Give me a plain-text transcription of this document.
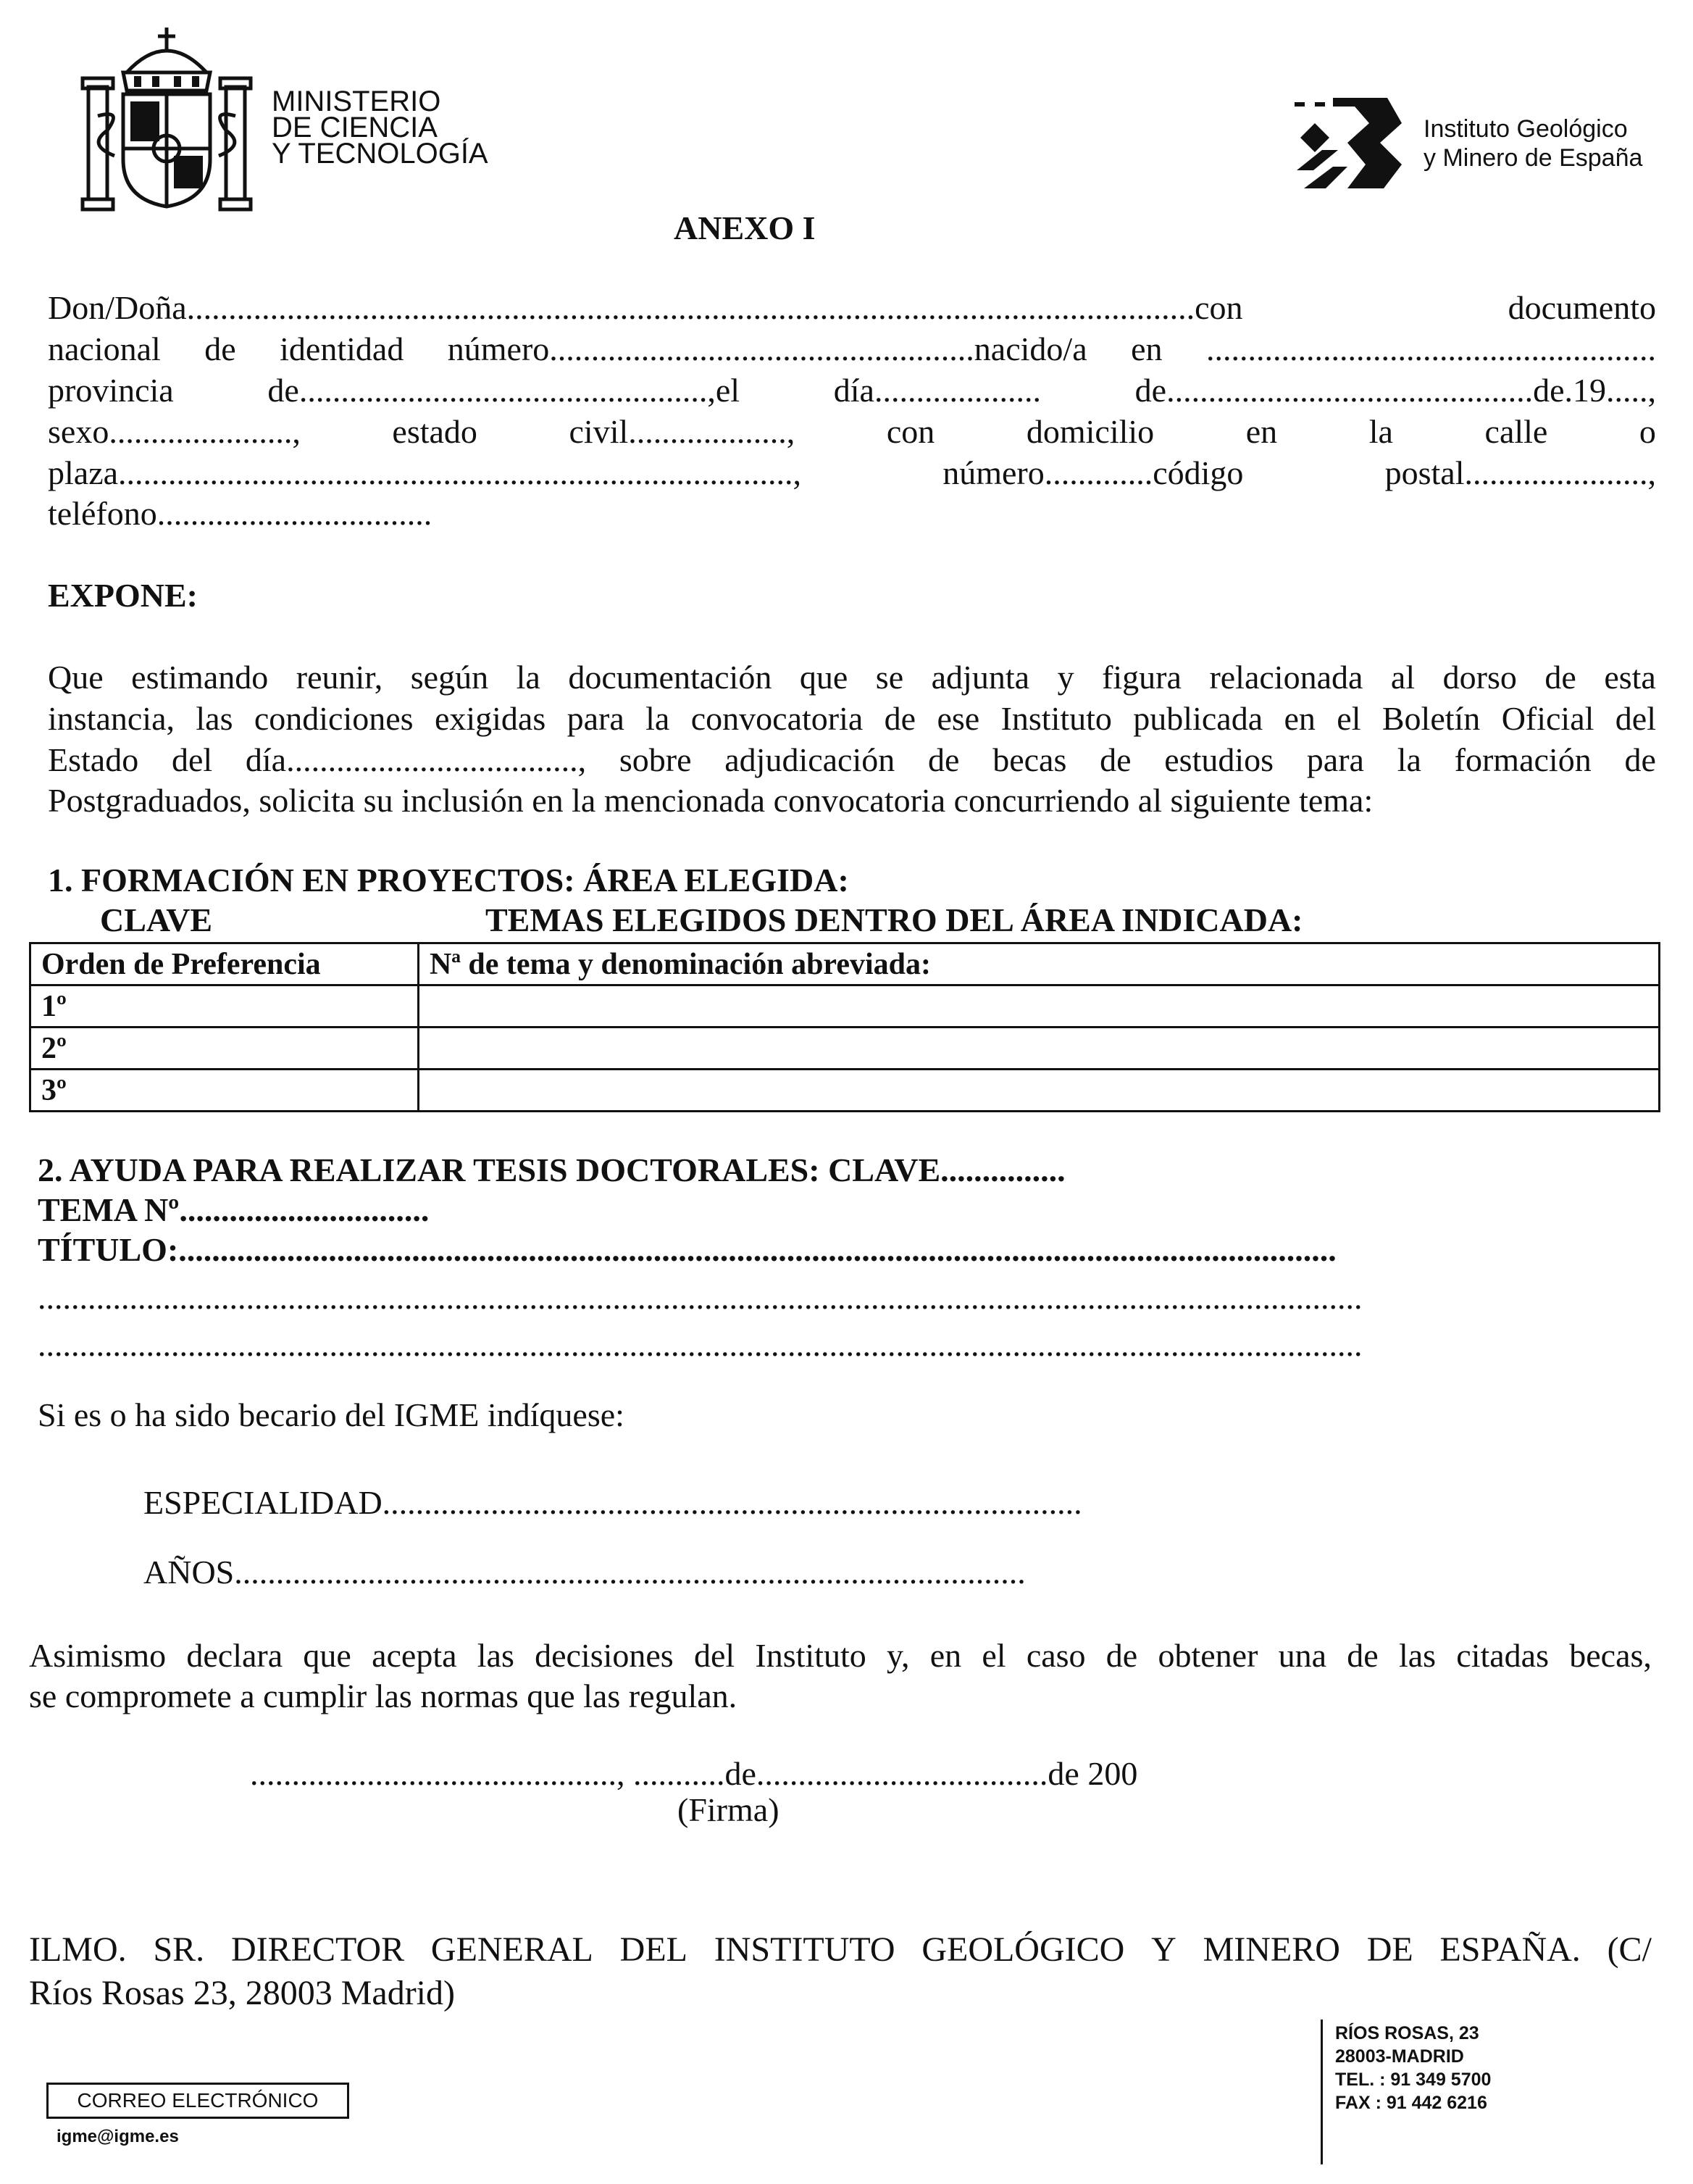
MINISTERIO
DE CIENCIA
Y TECNOLOGÍA
Instituto Geológico
y Minero de España
ANEXO I
Don/Doña.........................................................................................................................con	documento
nacional de identidad número...................................................nacido/a en ......................................................
provincia	de.................................................,el	día....................	de............................................de.19.....,
sexo......................,	estado	civil...................,	con	domicilio	en	la	calle	o
plaza.................................................................................,	número.............código	postal......................,
teléfono.................................
EXPONE:
Que estimando reunir, según la documentación que se adjunta y figura relacionada al dorso de esta
instancia, las condiciones exigidas para la convocatoria de ese Instituto publicada en el Boletín Oficial del
Estado del día..................................., sobre adjudicación de becas de estudios para la formación de
Postgraduados, solicita su inclusión en la mencionada convocatoria concurriendo al siguiente tema:
1. FORMACIÓN EN PROYECTOS: ÁREA ELEGIDA:
CLAVE	TEMAS ELEGIDOS DENTRO DEL ÁREA INDICADA:
Orden de Preferencia	Nª de tema y denominación abreviada:
1º	
2º	
3º	
2. AYUDA PARA REALIZAR TESIS DOCTORALES: CLAVE...............
TEMA Nº..............................
TÍTULO:...........................................................................................................................................
...............................................................................................................................................................
...............................................................................................................................................................
Si es o ha sido becario del IGME indíquese:
ESPECIALIDAD....................................................................................
AÑOS...............................................................................................
Asimismo declara que acepta las decisiones del Instituto y, en el caso de obtener una de las citadas becas,
se compromete a cumplir las normas que las regulan.
............................................, ...........de...................................de 200
(Firma)
ILMO. SR. DIRECTOR GENERAL DEL INSTITUTO GEOLÓGICO Y MINERO DE ESPAÑA. (C/
Ríos Rosas 23, 28003 Madrid)
CORREO ELECTRÓNICO
igme@igme.es
RÍOS ROSAS, 23
28003-MADRID
TEL. : 91 349 5700
FAX : 91 442 6216
